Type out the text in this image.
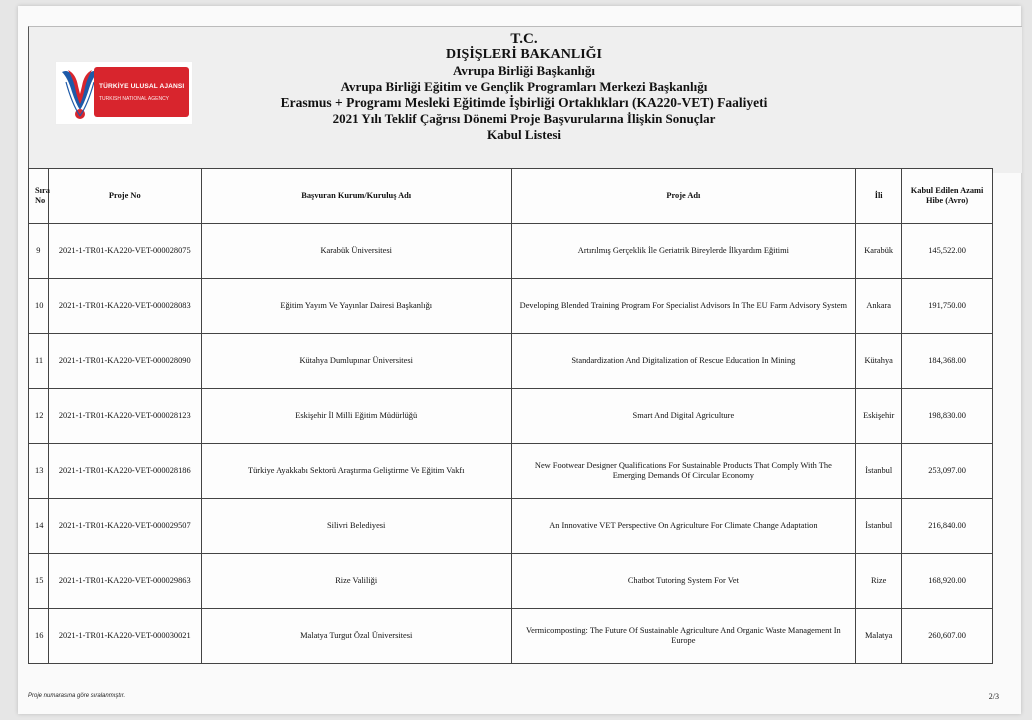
TÜRKİYE ULUSAL AJANSI
TURKISH NATIONAL AGENCY
T.C.
DIŞİŞLERİ BAKANLIĞI
Avrupa Birliği Başkanlığı
Avrupa Birliği Eğitim ve Gençlik Programları Merkezi Başkanlığı
Erasmus + Programı Mesleki Eğitimde İşbirliği Ortaklıkları (KA220-VET) Faaliyeti
2021 Yılı Teklif Çağrısı Dönemi Proje Başvurularına İlişkin Sonuçlar
Kabul Listesi
Sıra No	Proje No	Başvuran Kurum/Kuruluş Adı	Proje Adı	İli	Kabul Edilen Azami Hibe (Avro)
9	2021-1-TR01-KA220-VET-000028075	Karabük Üniversitesi	Artırılmış Gerçeklik İle Geriatrik Bireylerde İlkyardım Eğitimi	Karabük	145,522.00
10	2021-1-TR01-KA220-VET-000028083	Eğitim Yayım Ve Yayınlar Dairesi Başkanlığı	Developing Blended Training Program For Specialist Advisors In The EU Farm Advisory System	Ankara	191,750.00
11	2021-1-TR01-KA220-VET-000028090	Kütahya Dumlupınar Üniversitesi	Standardization And Digitalization of Rescue Education In Mining	Kütahya	184,368.00
12	2021-1-TR01-KA220-VET-000028123	Eskişehir İl Milli Eğitim Müdürlüğü	Smart And Digital Agriculture	Eskişehir	198,830.00
13	2021-1-TR01-KA220-VET-000028186	Türkiye Ayakkabı Sektorü Araştırma Geliştirme Ve Eğitim Vakfı	New Footwear Designer Qualifications For Sustainable Products That Comply With The Emerging Demands Of Circular Economy	İstanbul	253,097.00
14	2021-1-TR01-KA220-VET-000029507	Silivri Belediyesi	An Innovative VET Perspective On Agriculture For Climate Change Adaptation	İstanbul	216,840.00
15	2021-1-TR01-KA220-VET-000029863	Rize Valiliği	Chatbot Tutoring System For Vet	Rize	168,920.00
16	2021-1-TR01-KA220-VET-000030021	Malatya Turgut Özal Üniversitesi	Vermicomposting: The Future Of Sustainable Agriculture And Organic Waste Management In Europe	Malatya	260,607.00
Proje numarasına göre sıralanmıştır.	2/3
